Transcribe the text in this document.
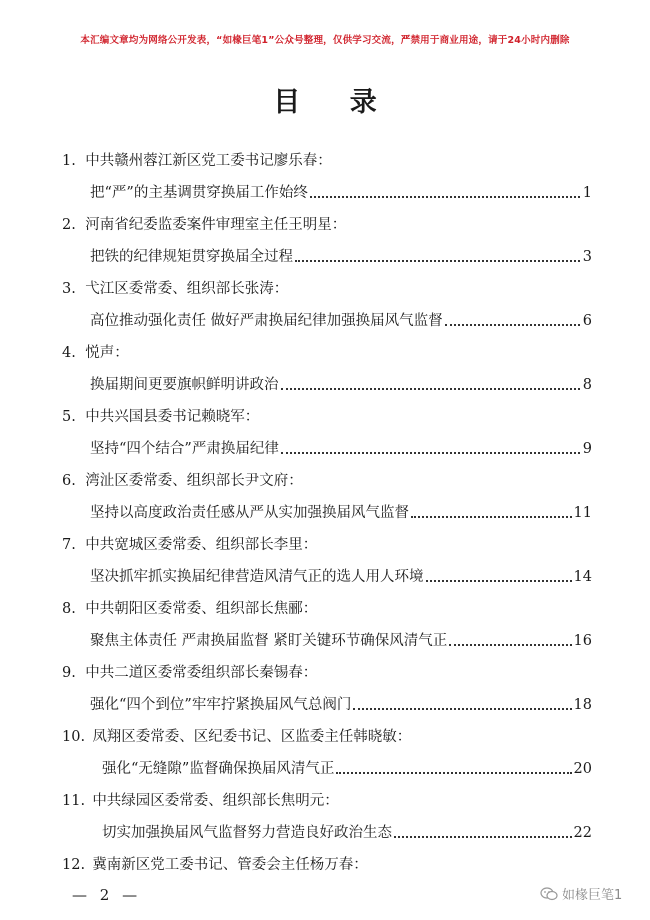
本汇编文章均为网络公开发表，“如椽巨笔1”公众号整理，仅供学习交流，严禁用于商业用途，请于24小时内删除
目 录
1.  中共赣州蓉江新区党工委书记廖乐春：
把“严”的主基调贯穿换届工作始终	1
2.  河南省纪委监委案件审理室主任王明星：
把铁的纪律规矩贯穿换届全过程	3
3.  弋江区委常委、组织部长张涛：
高位推动强化责任 做好严肃换届纪律加强换届风气监督	6
4.  悦声：
换届期间更要旗帜鲜明讲政治	8
5.  中共兴国县委书记赖晓军：
坚持“四个结合”严肃换届纪律	9
6.  湾沚区委常委、组织部长尹文府：
坚持以高度政治责任感从严从实加强换届风气监督	11
7.  中共宽城区委常委、组织部长李里：
坚决抓牢抓实换届纪律营造风清气正的选人用人环境	14
8.  中共朝阳区委常委、组织部长焦郦：
聚焦主体责任 严肃换届监督 紧盯关键环节确保风清气正	16
9.  中共二道区委常委组织部长秦锡春：
强化“四个到位”牢牢拧紧换届风气总阀门	18
10.  凤翔区委常委、区纪委书记、区监委主任韩晓敏：
强化“无缝隙”监督确保换届风清气正	20
11.  中共绿园区委常委、组织部长焦明元：
切实加强换届风气监督努力营造良好政治生态	22
12.  冀南新区党工委书记、管委会主任杨万春：
— 2 —	如椽巨笔1
